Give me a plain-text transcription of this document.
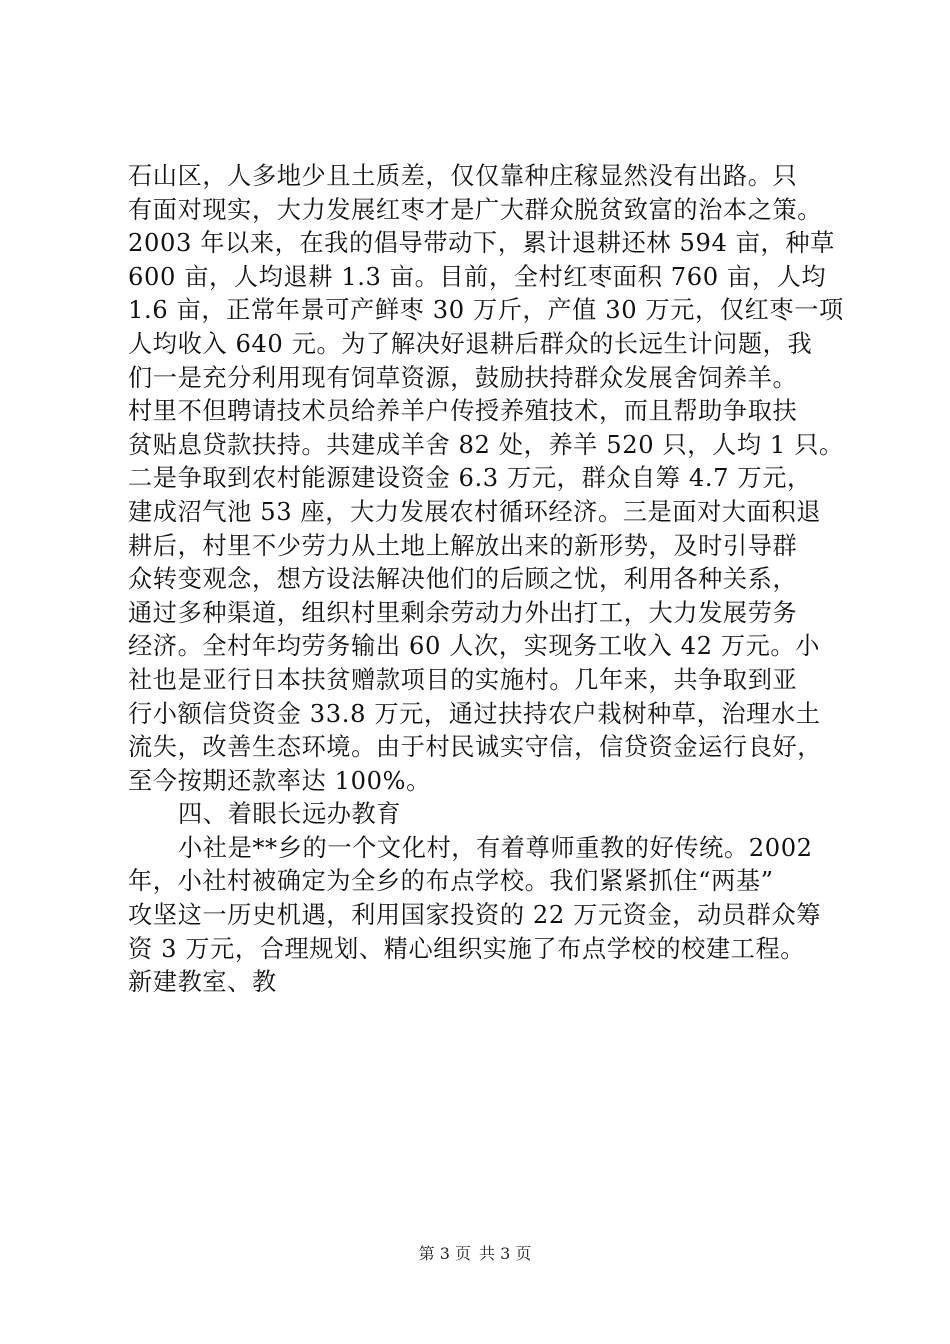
石山区，人多地少且土质差，仅仅靠种庄稼显然没有出路。只
有面对现实，大力发展红枣才是广大群众脱贫致富的治本之策。
2003 年以来，在我的倡导带动下，累计退耕还林 594 亩，种草
600 亩，人均退耕 1.3 亩。目前，全村红枣面积 760 亩，人均
1.6 亩，正常年景可产鲜枣 30 万斤，产值 30 万元，仅红枣一项
人均收入 640 元。为了解决好退耕后群众的长远生计问题，我
们一是充分利用现有饲草资源，鼓励扶持群众发展舍饲养羊。
村里不但聘请技术员给养羊户传授养殖技术，而且帮助争取扶
贫贴息贷款扶持。共建成羊舍 82 处，养羊 520 只，人均 1 只。
二是争取到农村能源建设资金 6.3 万元，群众自筹 4.7 万元，
建成沼气池 53 座，大力发展农村循环经济。三是面对大面积退
耕后，村里不少劳力从土地上解放出来的新形势，及时引导群
众转变观念，想方设法解决他们的后顾之忧，利用各种关系，
通过多种渠道，组织村里剩余劳动力外出打工，大力发展劳务
经济。全村年均劳务输出 60 人次，实现务工收入 42 万元。小
社也是亚行日本扶贫赠款项目的实施村。几年来，共争取到亚
行小额信贷资金 33.8 万元，通过扶持农户栽树种草，治理水土
流失，改善生态环境。由于村民诚实守信，信贷资金运行良好，
至今按期还款率达 100%。
四、着眼长远办教育
小社是**乡的一个文化村，有着尊师重教的好传统。2002
年，小社村被确定为全乡的布点学校。我们紧紧抓住“两基”
攻坚这一历史机遇，利用国家投资的 22 万元资金，动员群众筹
资 3 万元，合理规划、精心组织实施了布点学校的校建工程。
新建教室、教
第 3 页 共 3 页
